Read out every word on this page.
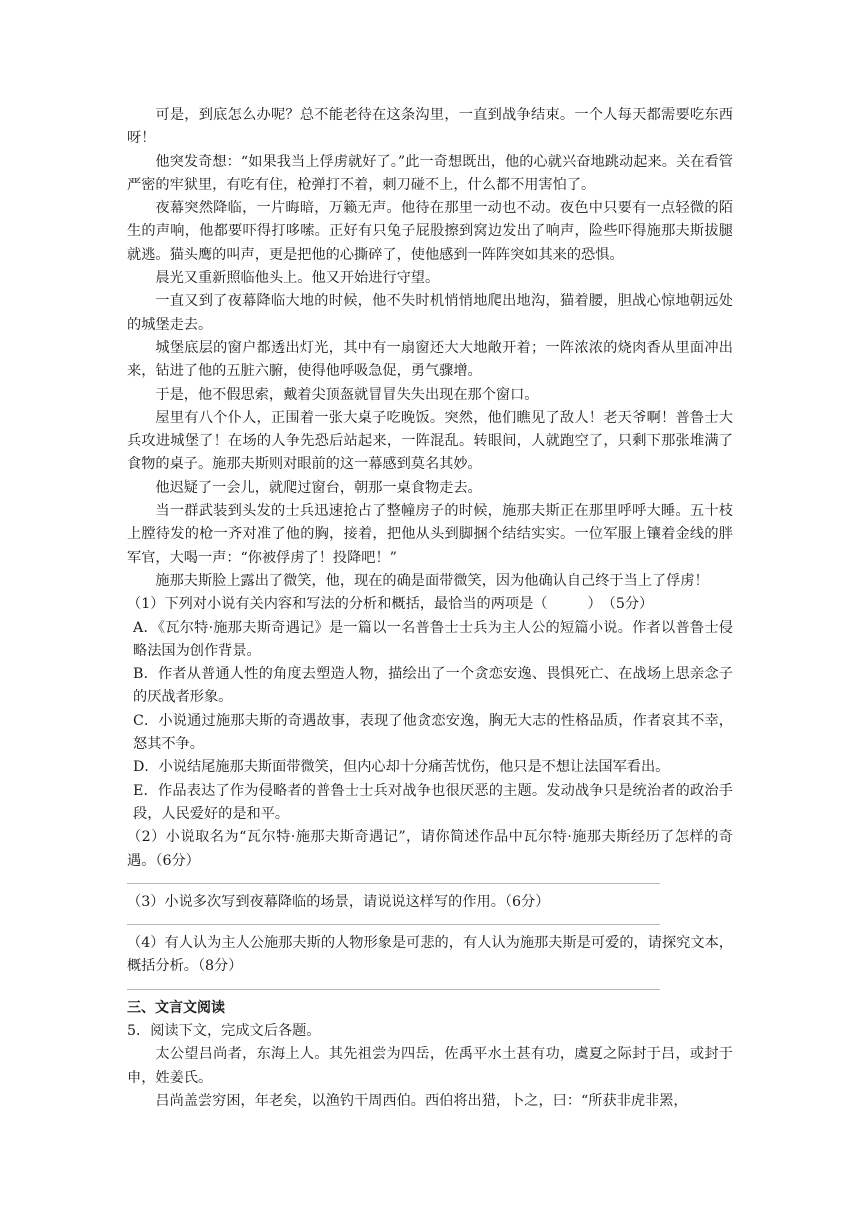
可是，到底怎么办呢？总不能老待在这条沟里，一直到战争结束。一个人每天都需要吃东西呀！

他突发奇想：“如果我当上俘虏就好了。”此一奇想既出，他的心就兴奋地跳动起来。关在看管严密的牢狱里，有吃有住，枪弹打不着，刺刀碰不上，什么都不用害怕了。

夜幕突然降临，一片晦暗，万籁无声。他待在那里一动也不动。夜色中只要有一点轻微的陌生的声响，他都要吓得打哆嗦。正好有只兔子屁股擦到窝边发出了响声，险些吓得施那夫斯拔腿就逃。猫头鹰的叫声，更是把他的心撕碎了，使他感到一阵阵突如其来的恐惧。

晨光又重新照临他头上。他又开始进行守望。

一直又到了夜幕降临大地的时候，他不失时机悄悄地爬出地沟，猫着腰，胆战心惊地朝远处的城堡走去。

城堡底层的窗户都透出灯光，其中有一扇窗还大大地敞开着；一阵浓浓的烧肉香从里面冲出来，钻进了他的五脏六腑，使得他呼吸急促，勇气骤增。

于是，他不假思索，戴着尖顶盔就冒冒失失出现在那个窗口。

屋里有八个仆人，正围着一张大桌子吃晚饭。突然，他们瞧见了敌人！老天爷啊！普鲁士大兵攻进城堡了！在场的人争先恐后站起来，一阵混乱。转眼间，人就跑空了，只剩下那张堆满了食物的桌子。施那夫斯则对眼前的这一幕感到莫名其妙。

他迟疑了一会儿，就爬过窗台，朝那一桌食物走去。

当一群武装到头发的士兵迅速抢占了整幢房子的时候，施那夫斯正在那里呼呼大睡。五十枝上膛待发的枪一齐对准了他的胸，接着，把他从头到脚捆个结结实实。一位军服上镶着金线的胖军官，大喝一声：“你被俘虏了！投降吧！”

施那夫斯脸上露出了微笑，他，现在的确是面带微笑，因为他确认自己终于当上了俘虏！

（1）下列对小说有关内容和写法的分析和概括，最恰当的两项是（	）　（5分）

A．《瓦尔特·施那夫斯奇遇记》是一篇以一名普鲁士士兵为主人公的短篇小说。作者以普鲁士侵略法国为创作背景。

B．作者从普通人性的角度去塑造人物，描绘出了一个贪恋安逸、畏惧死亡、在战场上思亲念子的厌战者形象。

C．小说通过施那夫斯的奇遇故事，表现了他贪恋安逸，胸无大志的性格品质，作者哀其不幸，怒其不争。

D．小说结尾施那夫斯面带微笑，但内心却十分痛苦忧伤，他只是不想让法国军看出。

E．作品表达了作为侵略者的普鲁士士兵对战争也很厌恶的主题。发动战争只是统治者的政治手段，人民爱好的是和平。

（2）小说取名为“瓦尔特·施那夫斯奇遇记”，请你简述作品中瓦尔特·施那夫斯经历了怎样的奇遇。（6分）

（3）小说多次写到夜幕降临的场景，请说说这样写的作用。（6分）

（4）有人认为主人公施那夫斯的人物形象是可悲的，有人认为施那夫斯是可爱的，请探究文本，概括分析。（8分）

三、文言文阅读

5．阅读下文，完成文后各题。

太公望吕尚者，东海上人。其先祖尝为四岳，佐禹平水土甚有功，虞夏之际封于吕，或封于申，姓姜氏。

吕尚盖尝穷困，年老矣，以渔钓干周西伯。西伯将出猎，卜之，曰：“所获非虎非罴，
